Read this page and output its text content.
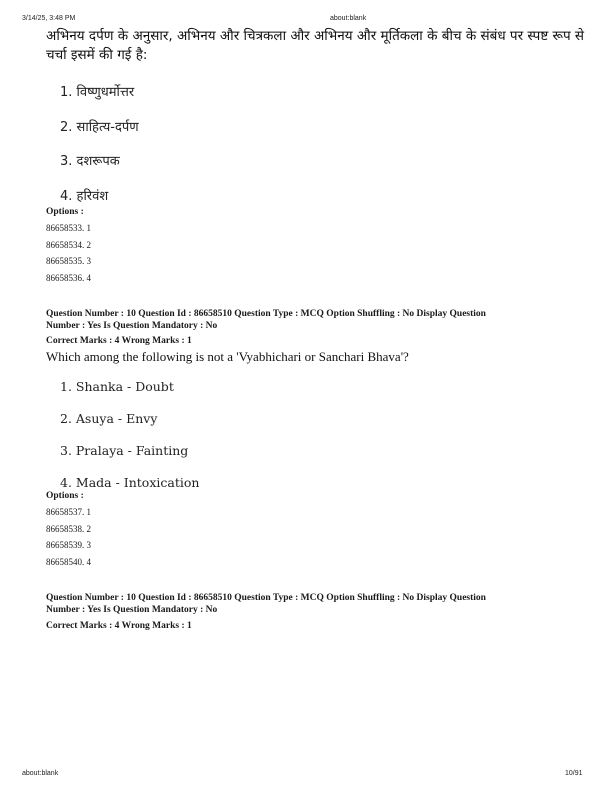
3/14/25, 3:48 PM	about:blank
अभिनय दर्पण के अनुसार, अभिनय और चित्रकला और अभिनय और मूर्तिकला के बीच के संबंध पर स्पष्ट रूप से चर्चा इसमें की गई है:
1. विष्णुधर्मोत्तर
2. साहित्य-दर्पण
3. दशरूपक
4. हरिवंश
Options :
86658533. 1
86658534. 2
86658535. 3
86658536. 4
Question Number : 10 Question Id : 86658510 Question Type : MCQ Option Shuffling : No Display Question
Number : Yes Is Question Mandatory : No
Correct Marks : 4 Wrong Marks : 1
Which among the following is not a 'Vyabhichari or Sanchari Bhava'?
1. Shanka - Doubt
2. Asuya - Envy
3. Pralaya - Fainting
4. Mada - Intoxication
Options :
86658537. 1
86658538. 2
86658539. 3
86658540. 4
Question Number : 10 Question Id : 86658510 Question Type : MCQ Option Shuffling : No Display Question
Number : Yes Is Question Mandatory : No
Correct Marks : 4 Wrong Marks : 1
about:blank	10/91
